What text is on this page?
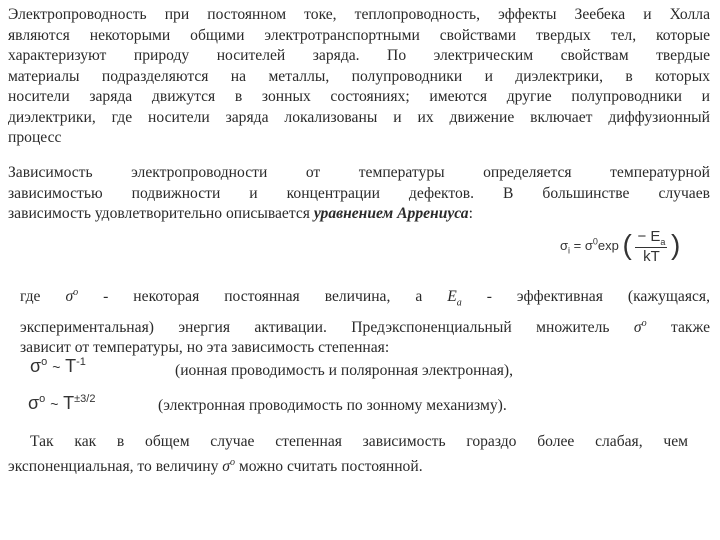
Электропроводность при постоянном токе, теплопроводность, эффекты Зеебека и Холла
являются некоторыми общими электротранспортными свойствами твердых тел, которые
характеризуют природу носителей заряда. По электрическим свойствам твердые
материалы подразделяются на металлы, полупроводники и диэлектрики, в которых
носители заряда движутся в зонных состояниях; имеются другие полупроводники и
диэлектрики, где носители заряда локализованы и их движение включает диффузионный
процесс
Зависимость электропроводности от температуры определяется температурной
зависимостью подвижности и концентрации дефектов. В большинстве случаев
зависимость удовлетворительно описывается уравнением Аррениуса:
$\sigma_i = \sigma^0\exp$ ( $\frac{- E_a}{kT}$ )
где $\sigma^o$ - некоторая постоянная величина, а $E_a$ - эффективная (кажущаяся,
экспериментальная) энергия активации. Предэкспоненциальный множитель $\sigma^o$ также
зависит от температуры, но эта зависимость степенная:
$\sigma^o$ ~ $T^{-1}$	(ионная проводимость и поляронная электронная),
$\sigma^o$ ~ $T^{\pm 3/2}$	(электронная проводимость по зонному механизму).
Так как в общем случае степенная зависимость гораздо более слабая, чем
экспоненциальная, то величину $\sigma^o$ можно считать постоянной.
